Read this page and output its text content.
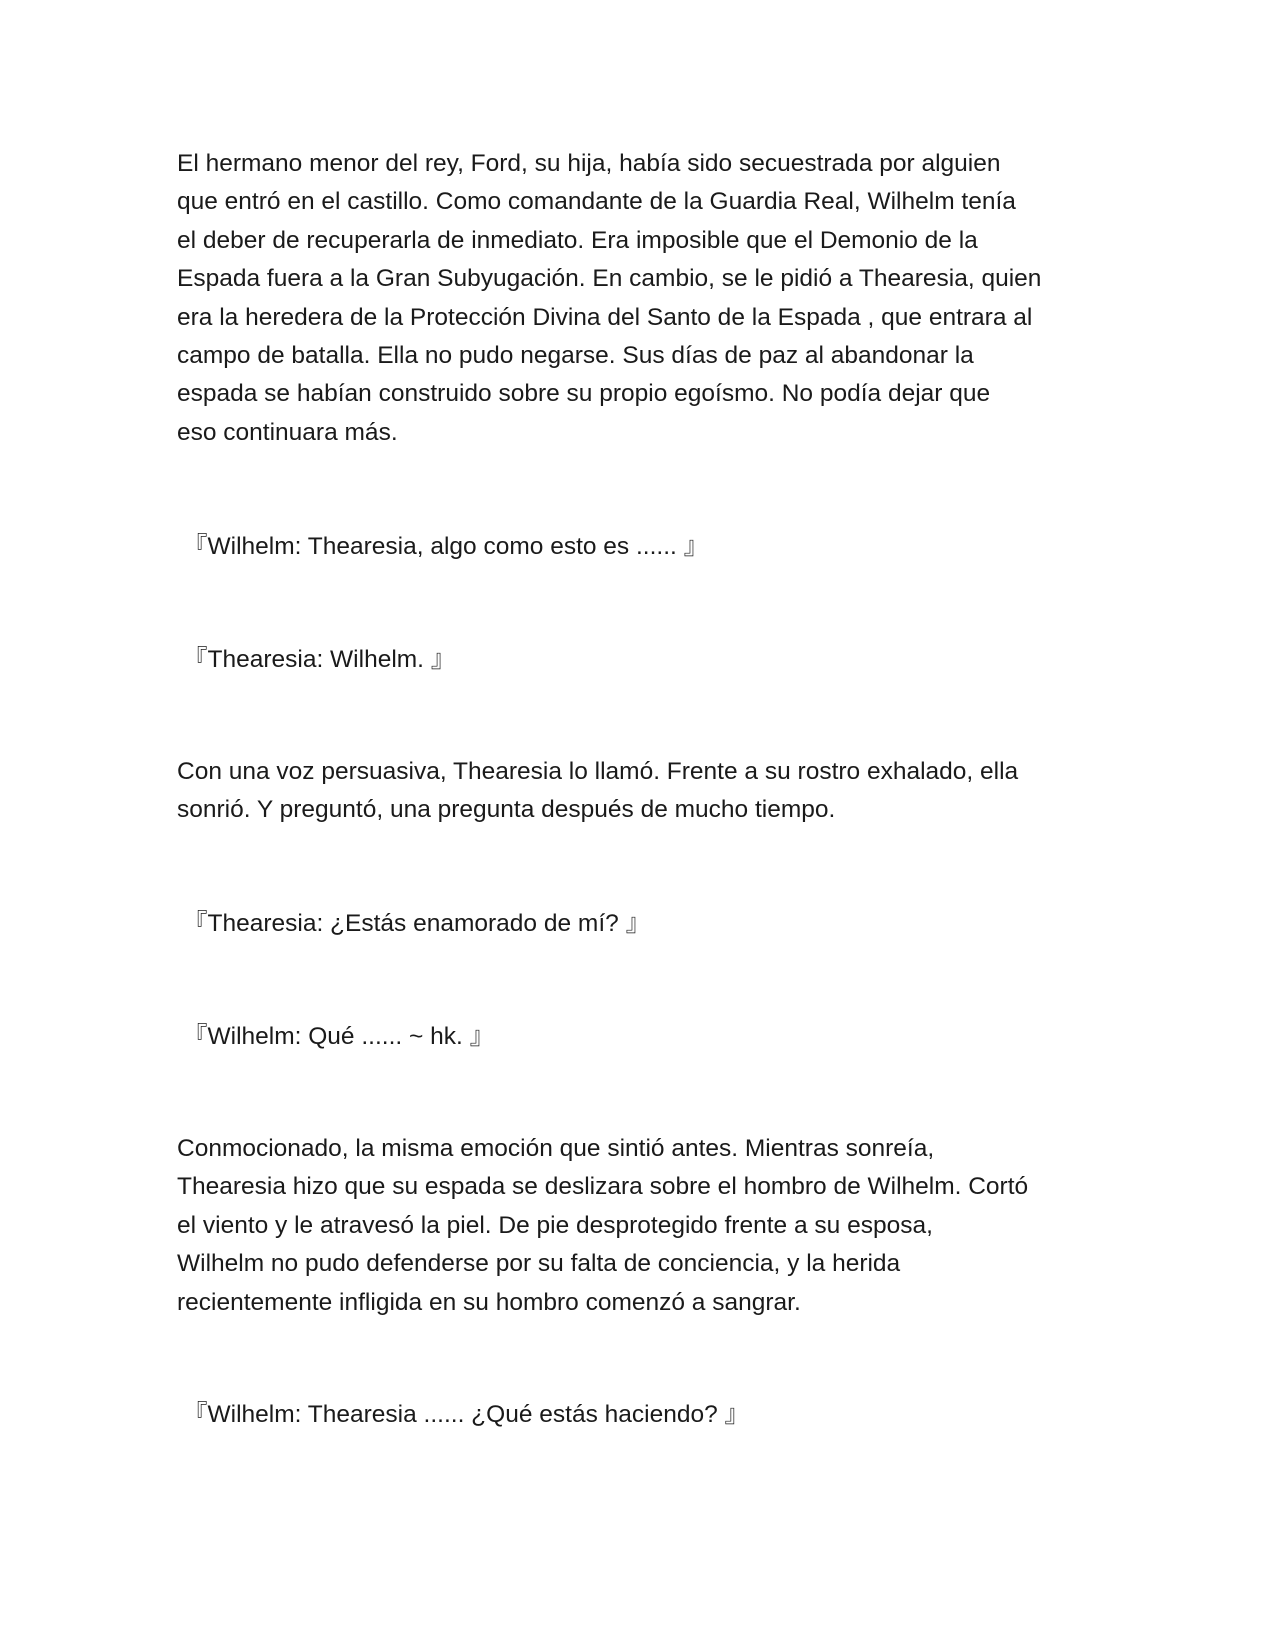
El hermano menor del rey, Ford, su hija, había sido secuestrada por alguien
que entró en el castillo. Como comandante de la Guardia Real, Wilhelm tenía
el deber de recuperarla de inmediato. Era imposible que el Demonio de la
Espada fuera a la Gran Subyugación. En cambio, se le pidió a Thearesia, quien
era la heredera de la Protección Divina del Santo de la Espada , que entrara al
campo de batalla. Ella no pudo negarse. Sus días de paz al abandonar la
espada se habían construido sobre su propio egoísmo. No podía dejar que
eso continuara más.

『Wilhelm: Thearesia, algo como esto es ...... 』

『Thearesia: Wilhelm. 』

Con una voz persuasiva, Thearesia lo llamó. Frente a su rostro exhalado, ella
sonrió. Y preguntó, una pregunta después de mucho tiempo.

『Thearesia: ¿Estás enamorado de mí? 』

『Wilhelm: Qué ...... ~ hk. 』

Conmocionado, la misma emoción que sintió antes. Mientras sonreía,
Thearesia hizo que su espada se deslizara sobre el hombro de Wilhelm. Cortó
el viento y le atravesó la piel. De pie desprotegido frente a su esposa,
Wilhelm no pudo defenderse por su falta de conciencia, y la herida
recientemente infligida en su hombro comenzó a sangrar.

『Wilhelm: Thearesia ...... ¿Qué estás haciendo? 』
